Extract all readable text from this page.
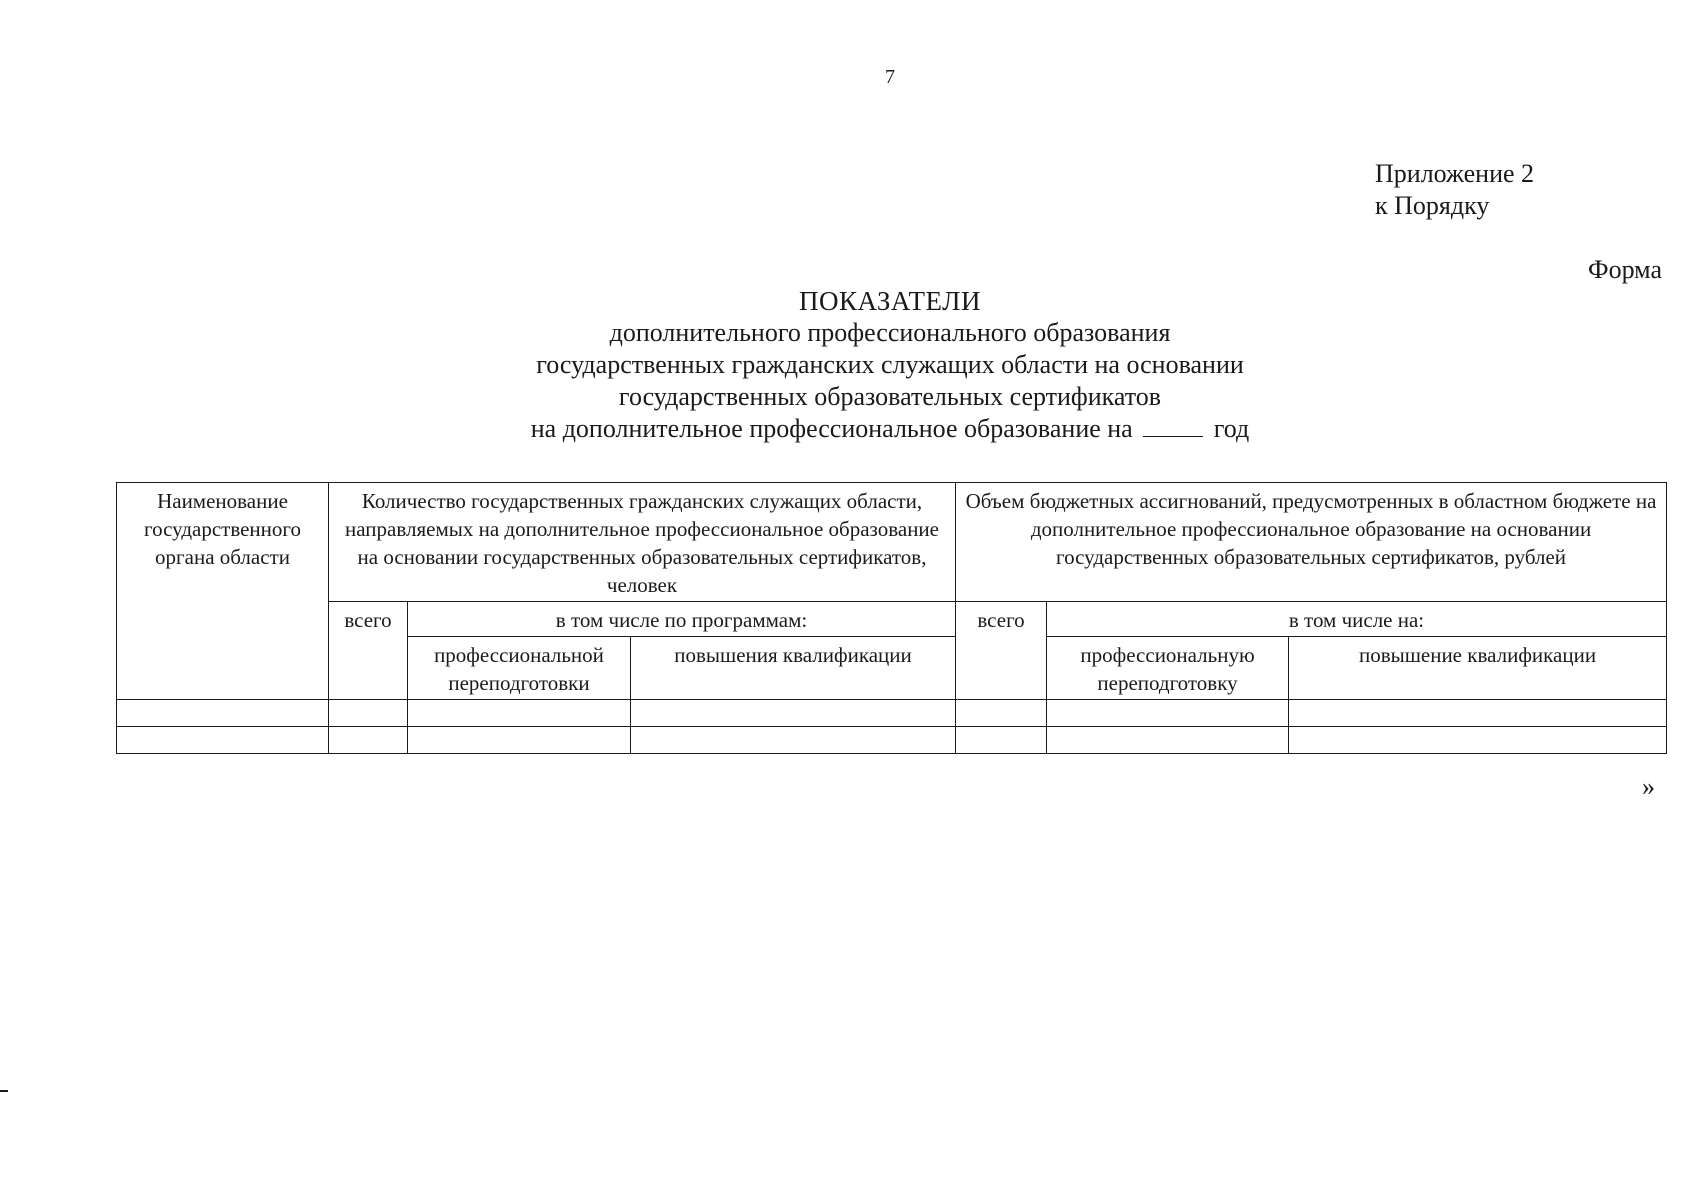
7
Приложение 2
к Порядку
Форма
ПОКАЗАТЕЛИ
дополнительного профессионального образования
государственных гражданских служащих области на основании
государственных образовательных сертификатов
на дополнительное профессиональное образование на	год
Наименование государственного органа области	Количество государственных гражданских служащих области, направляемых на дополнительное профессиональное образование на основании государственных образовательных сертификатов, человек			Объем бюджетных ассигнований, предусмотренных в областном бюджете на дополнительное профессиональное образование на основании государственных образовательных сертификатов, рублей		
	всего	в том числе по программам:		всего	в том числе на:	
		профессиональной переподготовки	повышения квалификации		профессиональную переподготовку	повышение квалификации

»
